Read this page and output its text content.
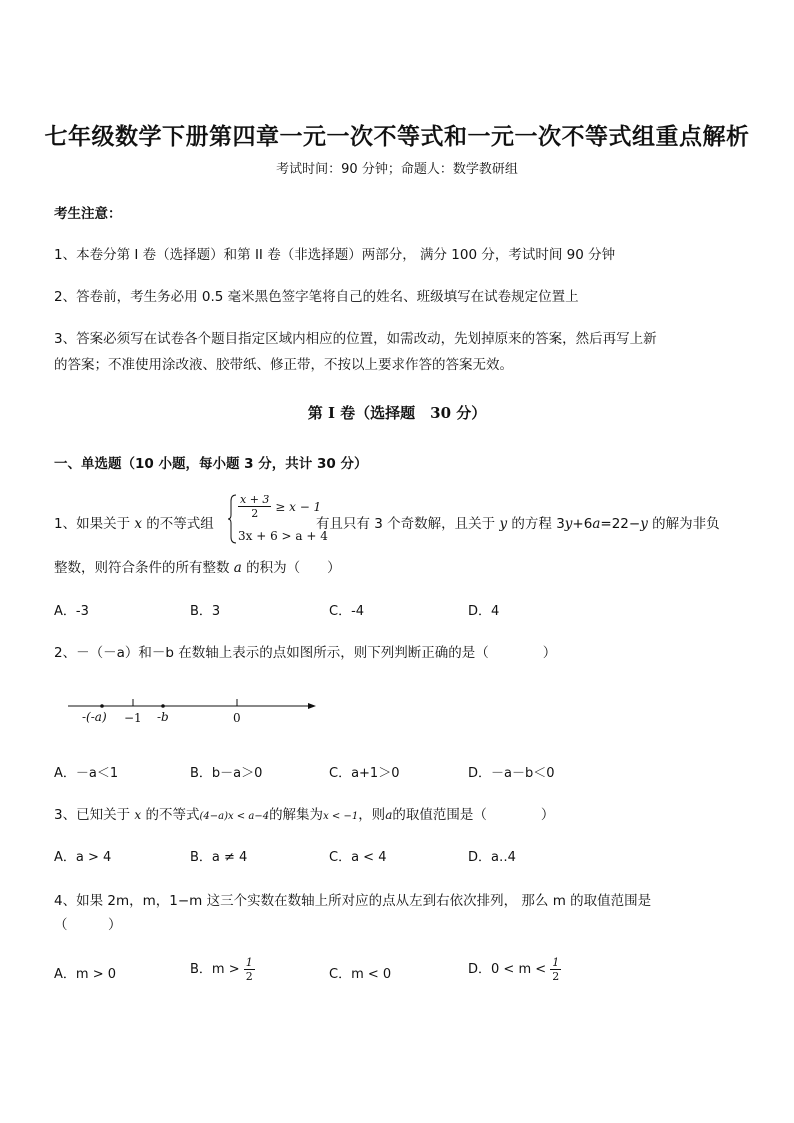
七年级数学下册第四章一元一次不等式和一元一次不等式组重点解析
考试时间：90 分钟；命题人：数学教研组
考生注意：
1、本卷分第 I 卷（选择题）和第 II 卷（非选择题）两部分， 满分 100 分，考试时间 90 分钟
2、答卷前，考生务必用 0.5 毫米黑色签字笔将自己的姓名、班级填写在试卷规定位置上
3、答案必须写在试卷各个题目指定区域内相应的位置，如需改动，先划掉原来的答案，然后再写上新
的答案；不准使用涂改液、胶带纸、修正带，不按以上要求作答的答案无效。
第 I 卷（选择题　30 分）
一、单选题（10 小题，每小题 3 分，共计 30 分）
1、如果关于 x 的不等式组
$\frac{x + 3}{2} \ge x - 1$
3x + 6 > a + 4
有且只有 3 个奇数解，且关于 y 的方程 3y+6a=22−y 的解为非负
整数，则符合条件的所有整数 a 的积为（　　）
A．-3	B．3	C．-4	D．4
2、－（－a）和－b 在数轴上表示的点如图所示，则下列判断正确的是（　　　　）
-(-a) −1 -b	0
A．－a＜1	B．b－a＞0	C．a+1＞0	D．－a－b＜0
3、已知关于 x 的不等式(4−a)x < a−4的解集为x < −1，则a的取值范围是（　　　　）
A．a > 4	B．a ≠ 4	C．a < 4	D．a‥4
4、如果 2m，m，1−m 这三个实数在数轴上所对应的点从左到右依次排列， 那么 m 的取值范围是
（　　　）
A．m > 0	B．$m > \frac{1}{2}$	C．m < 0	D．$0 < m < \frac{1}{2}$
